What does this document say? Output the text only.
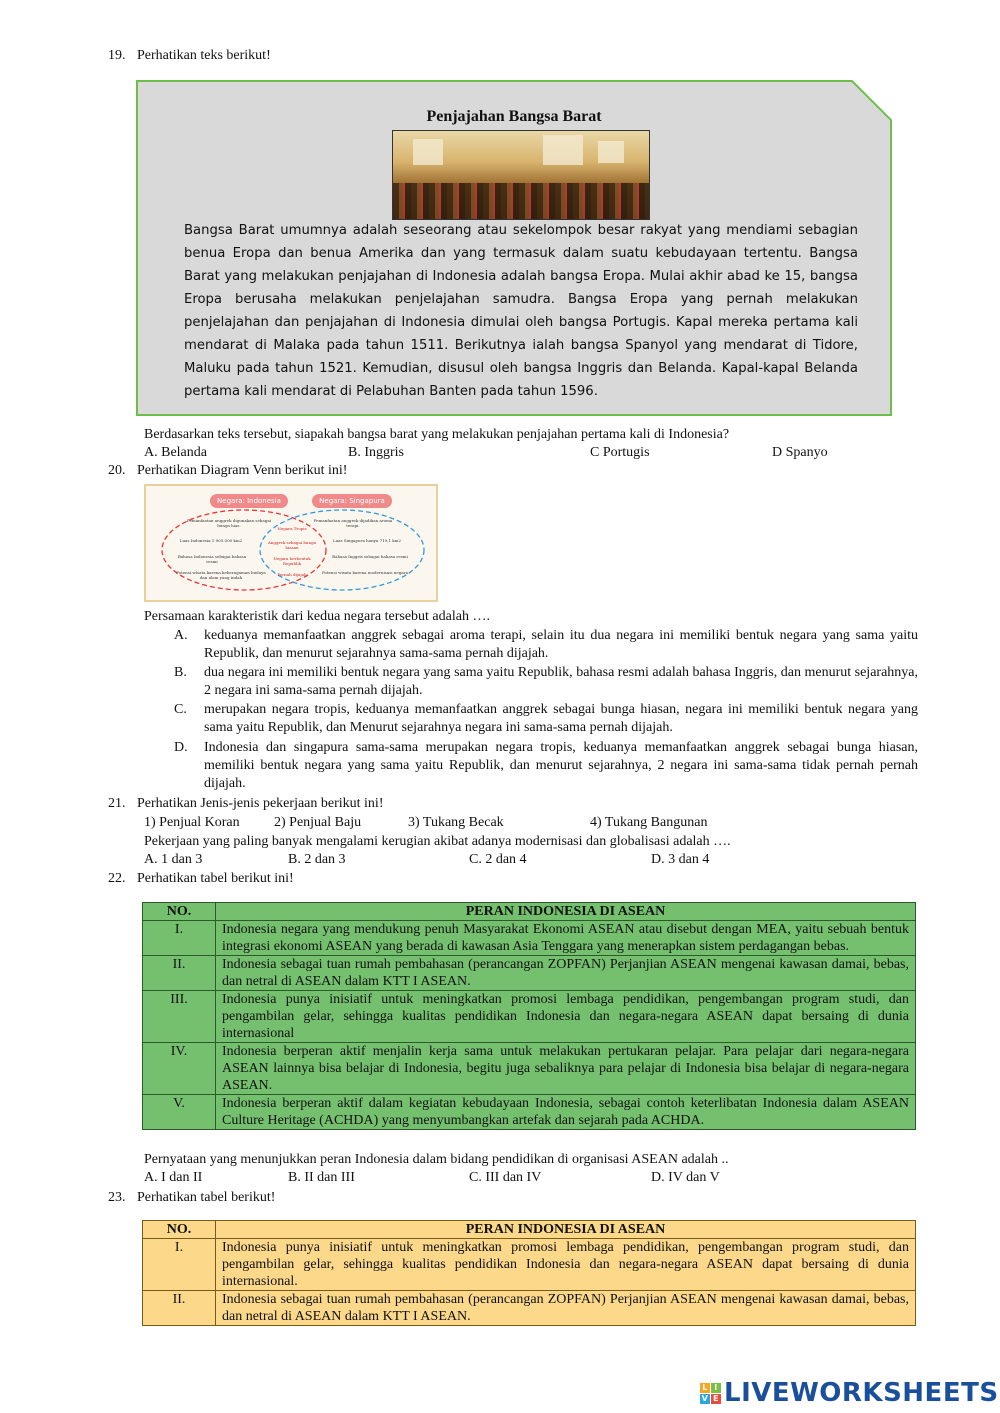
19. Perhatikan teks berikut!
Penjajahan Bangsa Barat
Bangsa Barat umumnya adalah seseorang atau sekelompok besar rakyat yang mendiami sebagian benua Eropa dan benua Amerika dan yang termasuk dalam suatu kebudayaan tertentu. Bangsa Barat yang melakukan penjajahan di Indonesia adalah bangsa Eropa. Mulai akhir abad ke 15, bangsa Eropa berusaha melakukan penjelajahan samudra. Bangsa Eropa yang pernah melakukan penjelajahan dan penjajahan di Indonesia dimulai oleh bangsa Portugis. Kapal mereka pertama kali mendarat di Malaka pada tahun 1511. Berikutnya ialah bangsa Spanyol yang mendarat di Tidore, Maluku pada tahun 1521. Kemudian, disusul oleh bangsa Inggris dan Belanda. Kapal-kapal Belanda pertama kali mendarat di Pelabuhan Banten pada tahun 1596.
Berdasarkan teks tersebut, siapakah bangsa barat yang melakukan penjajahan pertama kali di Indonesia?
A. Belanda	B. Inggris	C Portugis	D Spanyo
20. Perhatikan Diagram Venn berikut ini!
Negara: Indonesia	Negara: Singapura
Pemanfaatan anggrek digunakan sebagai bunga hias.
Luas Indonesia 1.905.000 km2
Bahasa Indonesia sebagai bahasa resmi
Potensi wisata karena keberagaman budaya dan alam yang indah
Negara Tropis
Anggrek sebagai bunga hiasan
Negara berbentuk Republik
Pernah dijajah
Pemanfaatan anggrek dijadikan aroma terapi.
Luas Singapura hanya 719,1 km2
Bahasa Inggris sebagai bahasa resmi
Potensi wisata karena modernisasi negara
Persamaan karakteristik dari kedua negara tersebut adalah ….
A. keduanya memanfaatkan anggrek sebagai aroma terapi, selain itu dua negara ini memiliki bentuk negara yang sama yaitu Republik, dan menurut sejarahnya sama-sama pernah dijajah.
B. dua negara ini memiliki bentuk negara yang sama yaitu Republik, bahasa resmi adalah bahasa Inggris, dan menurut sejarahnya, 2 negara ini sama-sama pernah dijajah.
C. merupakan negara tropis, keduanya memanfaatkan anggrek sebagai bunga hiasan, negara ini memiliki bentuk negara yang sama yaitu Republik, dan Menurut sejarahnya negara ini sama-sama pernah dijajah.
D. Indonesia dan singapura sama-sama merupakan negara tropis, keduanya memanfaatkan anggrek sebagai bunga hiasan, memiliki bentuk negara yang sama yaitu Republik, dan menurut sejarahnya, 2 negara ini sama-sama tidak pernah pernah dijajah.
21. Perhatikan Jenis-jenis pekerjaan berikut ini!
1) Penjual Koran 2) Penjual Baju	3) Tukang Becak	4) Tukang Bangunan
Pekerjaan yang paling banyak mengalami kerugian akibat adanya modernisasi dan globalisasi adalah ….
A. 1 dan 3	B. 2 dan 3	C. 2 dan 4	D. 3 dan 4
22. Perhatikan tabel berikut ini!
NO.	PERAN INDONESIA DI ASEAN
I.	Indonesia negara yang mendukung penuh Masyarakat Ekonomi ASEAN atau disebut dengan MEA, yaitu sebuah bentuk integrasi ekonomi ASEAN yang berada di kawasan Asia Tenggara yang menerapkan sistem perdagangan bebas.
II.	Indonesia sebagai tuan rumah pembahasan (perancangan ZOPFAN) Perjanjian ASEAN mengenai kawasan damai, bebas, dan netral di ASEAN dalam KTT I ASEAN.
III.	Indonesia punya inisiatif untuk meningkatkan promosi lembaga pendidikan, pengembangan program studi, dan pengambilan gelar, sehingga kualitas pendidikan Indonesia dan negara-negara ASEAN dapat bersaing di dunia internasional
IV.	Indonesia berperan aktif menjalin kerja sama untuk melakukan pertukaran pelajar. Para pelajar dari negara-negara ASEAN lainnya bisa belajar di Indonesia, begitu juga sebaliknya para pelajar di Indonesia bisa belajar di negara-negara ASEAN.
V.	Indonesia berperan aktif dalam kegiatan kebudayaan Indonesia, sebagai contoh keterlibatan Indonesia dalam ASEAN Culture Heritage (ACHDA) yang menyumbangkan artefak dan sejarah pada ACHDA.
Pernyataan yang menunjukkan peran Indonesia dalam bidang pendidikan di organisasi ASEAN adalah ..
A. I dan II	B. II dan III	C. III dan IV	D. IV dan V
23. Perhatikan tabel berikut!
NO.	PERAN INDONESIA DI ASEAN
I.	Indonesia punya inisiatif untuk meningkatkan promosi lembaga pendidikan, pengembangan program studi, dan pengambilan gelar, sehingga kualitas pendidikan Indonesia dan negara-negara ASEAN dapat bersaing di dunia internasional.
II.	Indonesia sebagai tuan rumah pembahasan (perancangan ZOPFAN) Perjanjian ASEAN mengenai kawasan damai, bebas, dan netral di ASEAN dalam KTT I ASEAN.
L I
V E LIVEWORKSHEETS
